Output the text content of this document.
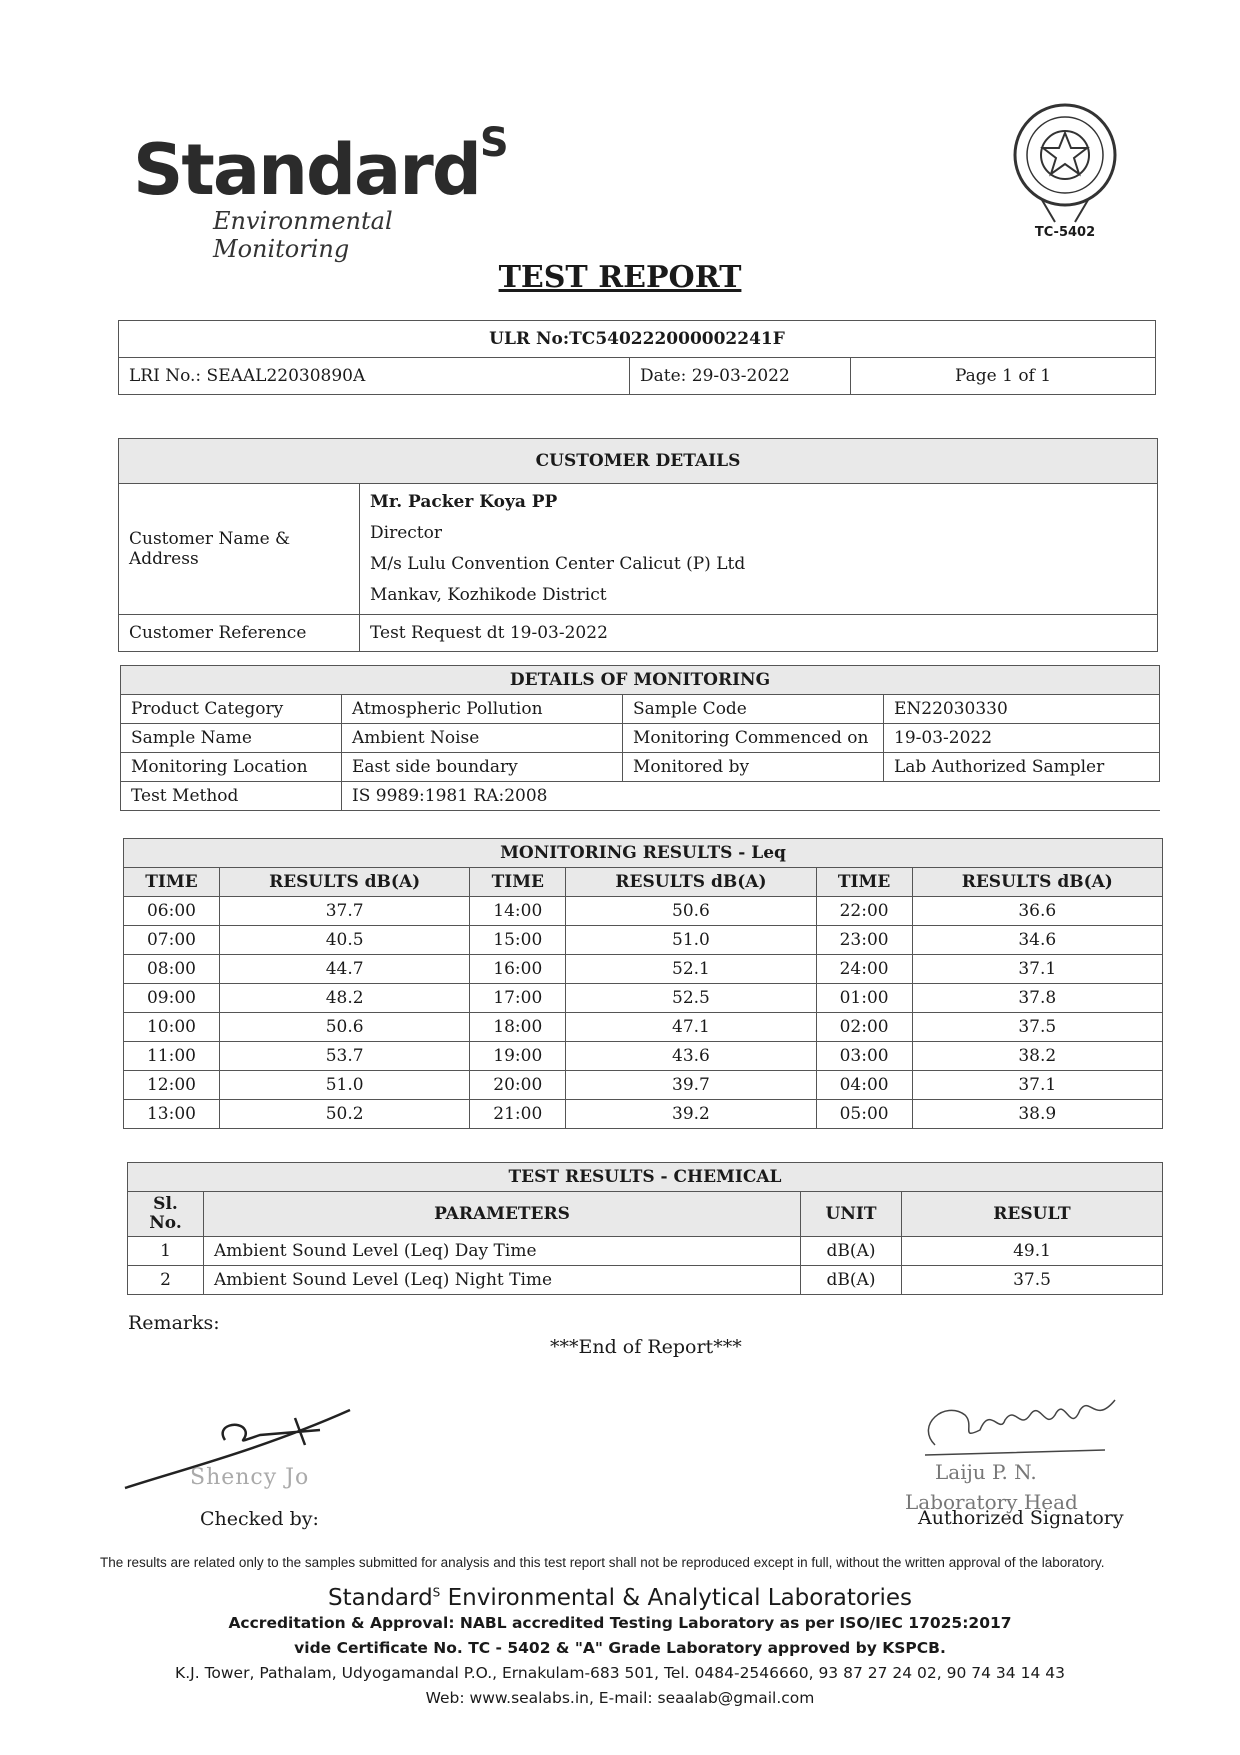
Standard$^S$
Environmental Monitoring
TC-5402
TEST REPORT
ULR No:TC540222000002241F
LRI No.: SEAAL22030890A	Date: 29-03-2022	Page 1 of 1
CUSTOMER DETAILS	
Customer Name & Address	Mr. Packer Koya PP
Director
M/s Lulu Convention Center Calicut (P) Ltd
Mankav, Kozhikode District

Customer Reference	Test Request dt 19-03-2022
DETAILS OF MONITORING			
Product Category	Atmospheric Pollution	Sample Code	EN22030330
Sample Name	Ambient Noise	Monitoring Commenced on	19-03-2022
Monitoring Location	East side boundary	Monitored by	Lab Authorized Sampler
Test Method	IS 9989:1981 RA:2008		
MONITORING RESULTS - Leq					
TIME	RESULTS dB(A)	TIME	RESULTS dB(A)	TIME	RESULTS dB(A)
06:00	37.7	14:00	50.6	22:00	36.6
07:00	40.5	15:00	51.0	23:00	34.6
08:00	44.7	16:00	52.1	24:00	37.1
09:00	48.2	17:00	52.5	01:00	37.8
10:00	50.6	18:00	47.1	02:00	37.5
11:00	53.7	19:00	43.6	03:00	38.2
12:00	51.0	20:00	39.7	04:00	37.1
13:00	50.2	21:00	39.2	05:00	38.9
TEST RESULTS - CHEMICAL			
Sl. No.	PARAMETERS	UNIT	RESULT
1	Ambient Sound Level (Leq) Day Time	dB(A)	49.1
2	Ambient Sound Level (Leq) Night Time	dB(A)	37.5
Remarks:
***End of Report***
Shency Jo
Checked by:
Laiju P. N.
Laboratory Head
Authorized Signatory
The results are related only to the samples submitted for analysis and this test report shall not be reproduced except in full, without the written approval of the laboratory.
Standard$^S$ Environmental & Analytical Laboratories
Accreditation & Approval: NABL accredited Testing Laboratory as per ISO/IEC 17025:2017
vide Certificate No. TC - 5402 & "A" Grade Laboratory approved by KSPCB.
K.J. Tower, Pathalam, Udyogamandal P.O., Ernakulam-683 501, Tel. 0484-2546660, 93 87 27 24 02, 90 74 34 14 43
Web: www.sealabs.in, E-mail: seaalab@gmail.com
